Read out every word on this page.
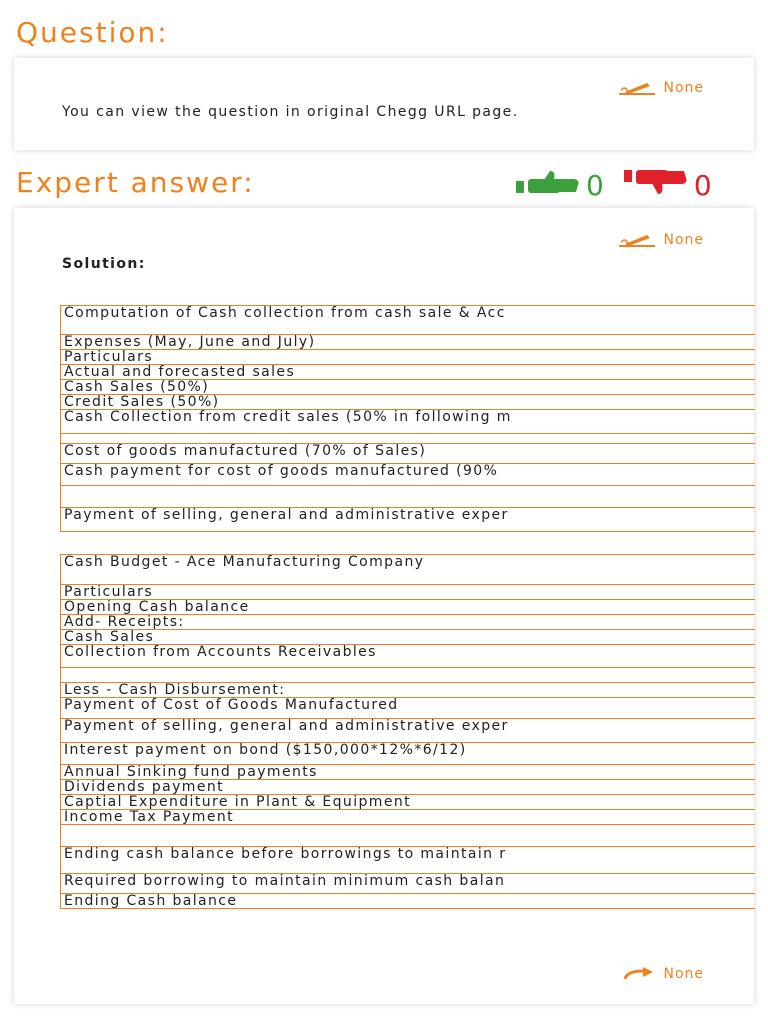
Question:
None
You can view the question in original Chegg URL page.
Expert answer:	0	0
None
Solution:
Computation of Cash collection from cash sale & Acc
Expenses (May, June and July)
Particulars
Actual and forecasted sales
Cash Sales (50%)
Credit Sales (50%)
Cash Collection from credit sales (50% in following m
Cost of goods manufactured (70% of Sales)
Cash payment for cost of goods manufactured (90%
Payment of selling, general and administrative exper
Cash Budget - Ace Manufacturing Company
Particulars
Opening Cash balance
Add- Receipts:
Cash Sales
Collection from Accounts Receivables
Less - Cash Disbursement:
Payment of Cost of Goods Manufactured
Payment of selling, general and administrative exper
Interest payment on bond ($150,000*12%*6/12)
Annual Sinking fund payments
Dividends payment
Captial Expenditure in Plant & Equipment
Income Tax Payment
Ending cash balance before borrowings to maintain r
Required borrowing to maintain minimum cash balan
Ending Cash balance
None
